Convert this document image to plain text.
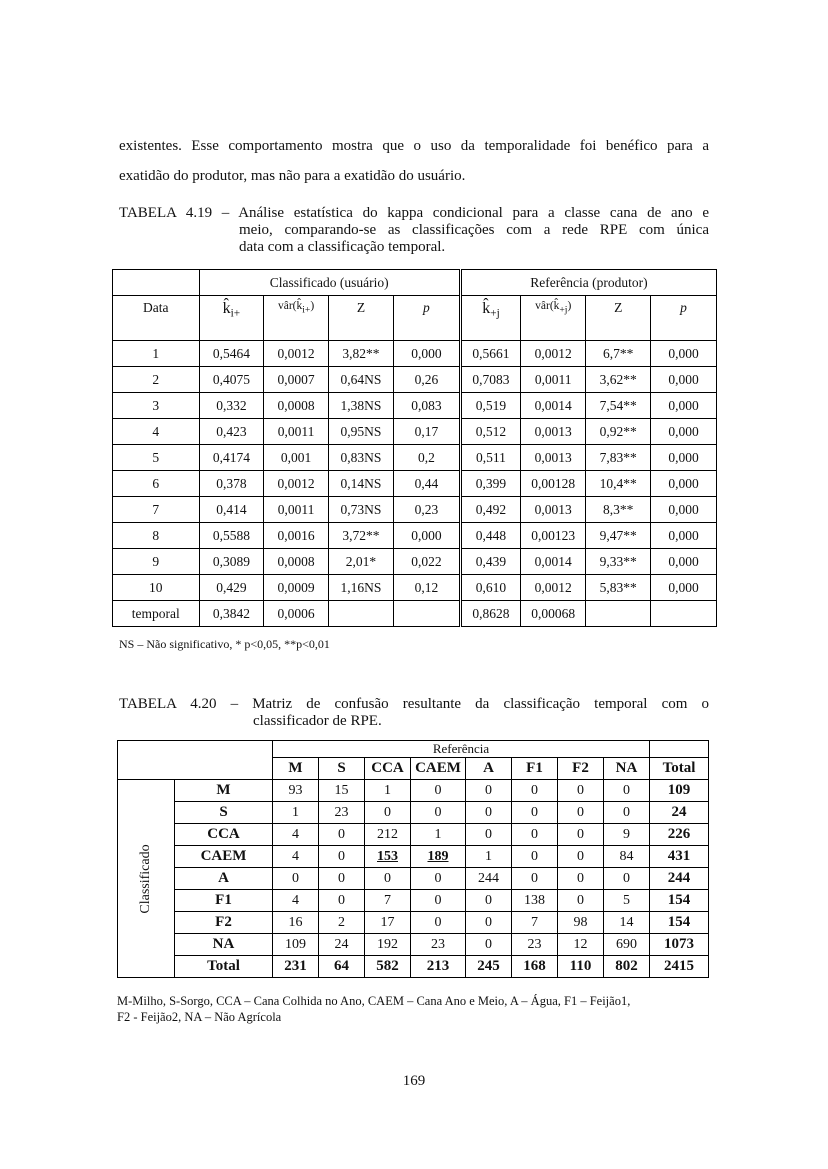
existentes. Esse comportamento mostra que o uso da temporalidade foi benéfico para a
exatidão do produtor, mas não para a exatidão do usuário.
TABELA 4.19 – Análise estatística do kappa condicional para a classe cana de ano e
meio, comparando-se as classificações com a rede RPE com única
data com a classificação temporal.
	Classificado (usuário)				Referência (produtor)			
Data	$k̂_{i+}$	$vâr(k̂_{i+})$	Z	p	$k̂_{+j}$	$vâr(k̂_{+j})$	Z	p
1	0,5464	0,0012	3,82**	0,000	0,5661	0,0012	6,7**	0,000
2	0,4075	0,0007	0,64NS	0,26	0,7083	0,0011	3,62**	0,000
3	0,332	0,0008	1,38NS	0,083	0,519	0,0014	7,54**	0,000
4	0,423	0,0011	0,95NS	0,17	0,512	0,0013	0,92**	0,000
5	0,4174	0,001	0,83NS	0,2	0,511	0,0013	7,83**	0,000
6	0,378	0,0012	0,14NS	0,44	0,399	0,00128	10,4**	0,000
7	0,414	0,0011	0,73NS	0,23	0,492	0,0013	8,3**	0,000
8	0,5588	0,0016	3,72**	0,000	0,448	0,00123	9,47**	0,000
9	0,3089	0,0008	2,01*	0,022	0,439	0,0014	9,33**	0,000
10	0,429	0,0009	1,16NS	0,12	0,610	0,0012	5,83**	0,000
temporal	0,3842	0,0006			0,8628	0,00068		
NS – Não significativo, * p<0,05, **p<0,01
TABELA 4.20 – Matriz de confusão resultante da classificação temporal com o
classificador de RPE.
		Referência								
		M	S	CCA	CAEM	A	F1	F2	NA	Total

Classificado	M	93	15	1	0	0	0	0	0	109
	S	1	23	0	0	0	0	0	0	24
	CCA	4	0	212	1	0	0	0	9	226
	CAEM	4	0	153	189	1	0	0	84	431
	A	0	0	0	0	244	0	0	0	244
	F1	4	0	7	0	0	138	0	5	154
	F2	16	2	17	0	0	7	98	14	154
	NA	109	24	192	23	0	23	12	690	1073
	Total	231	64	582	213	245	168	110	802	2415
M-Milho, S-Sorgo, CCA – Cana Colhida no Ano, CAEM – Cana Ano e Meio, A – Água, F1 – Feijão1,
F2 - Feijão2, NA – Não Agrícola
169
